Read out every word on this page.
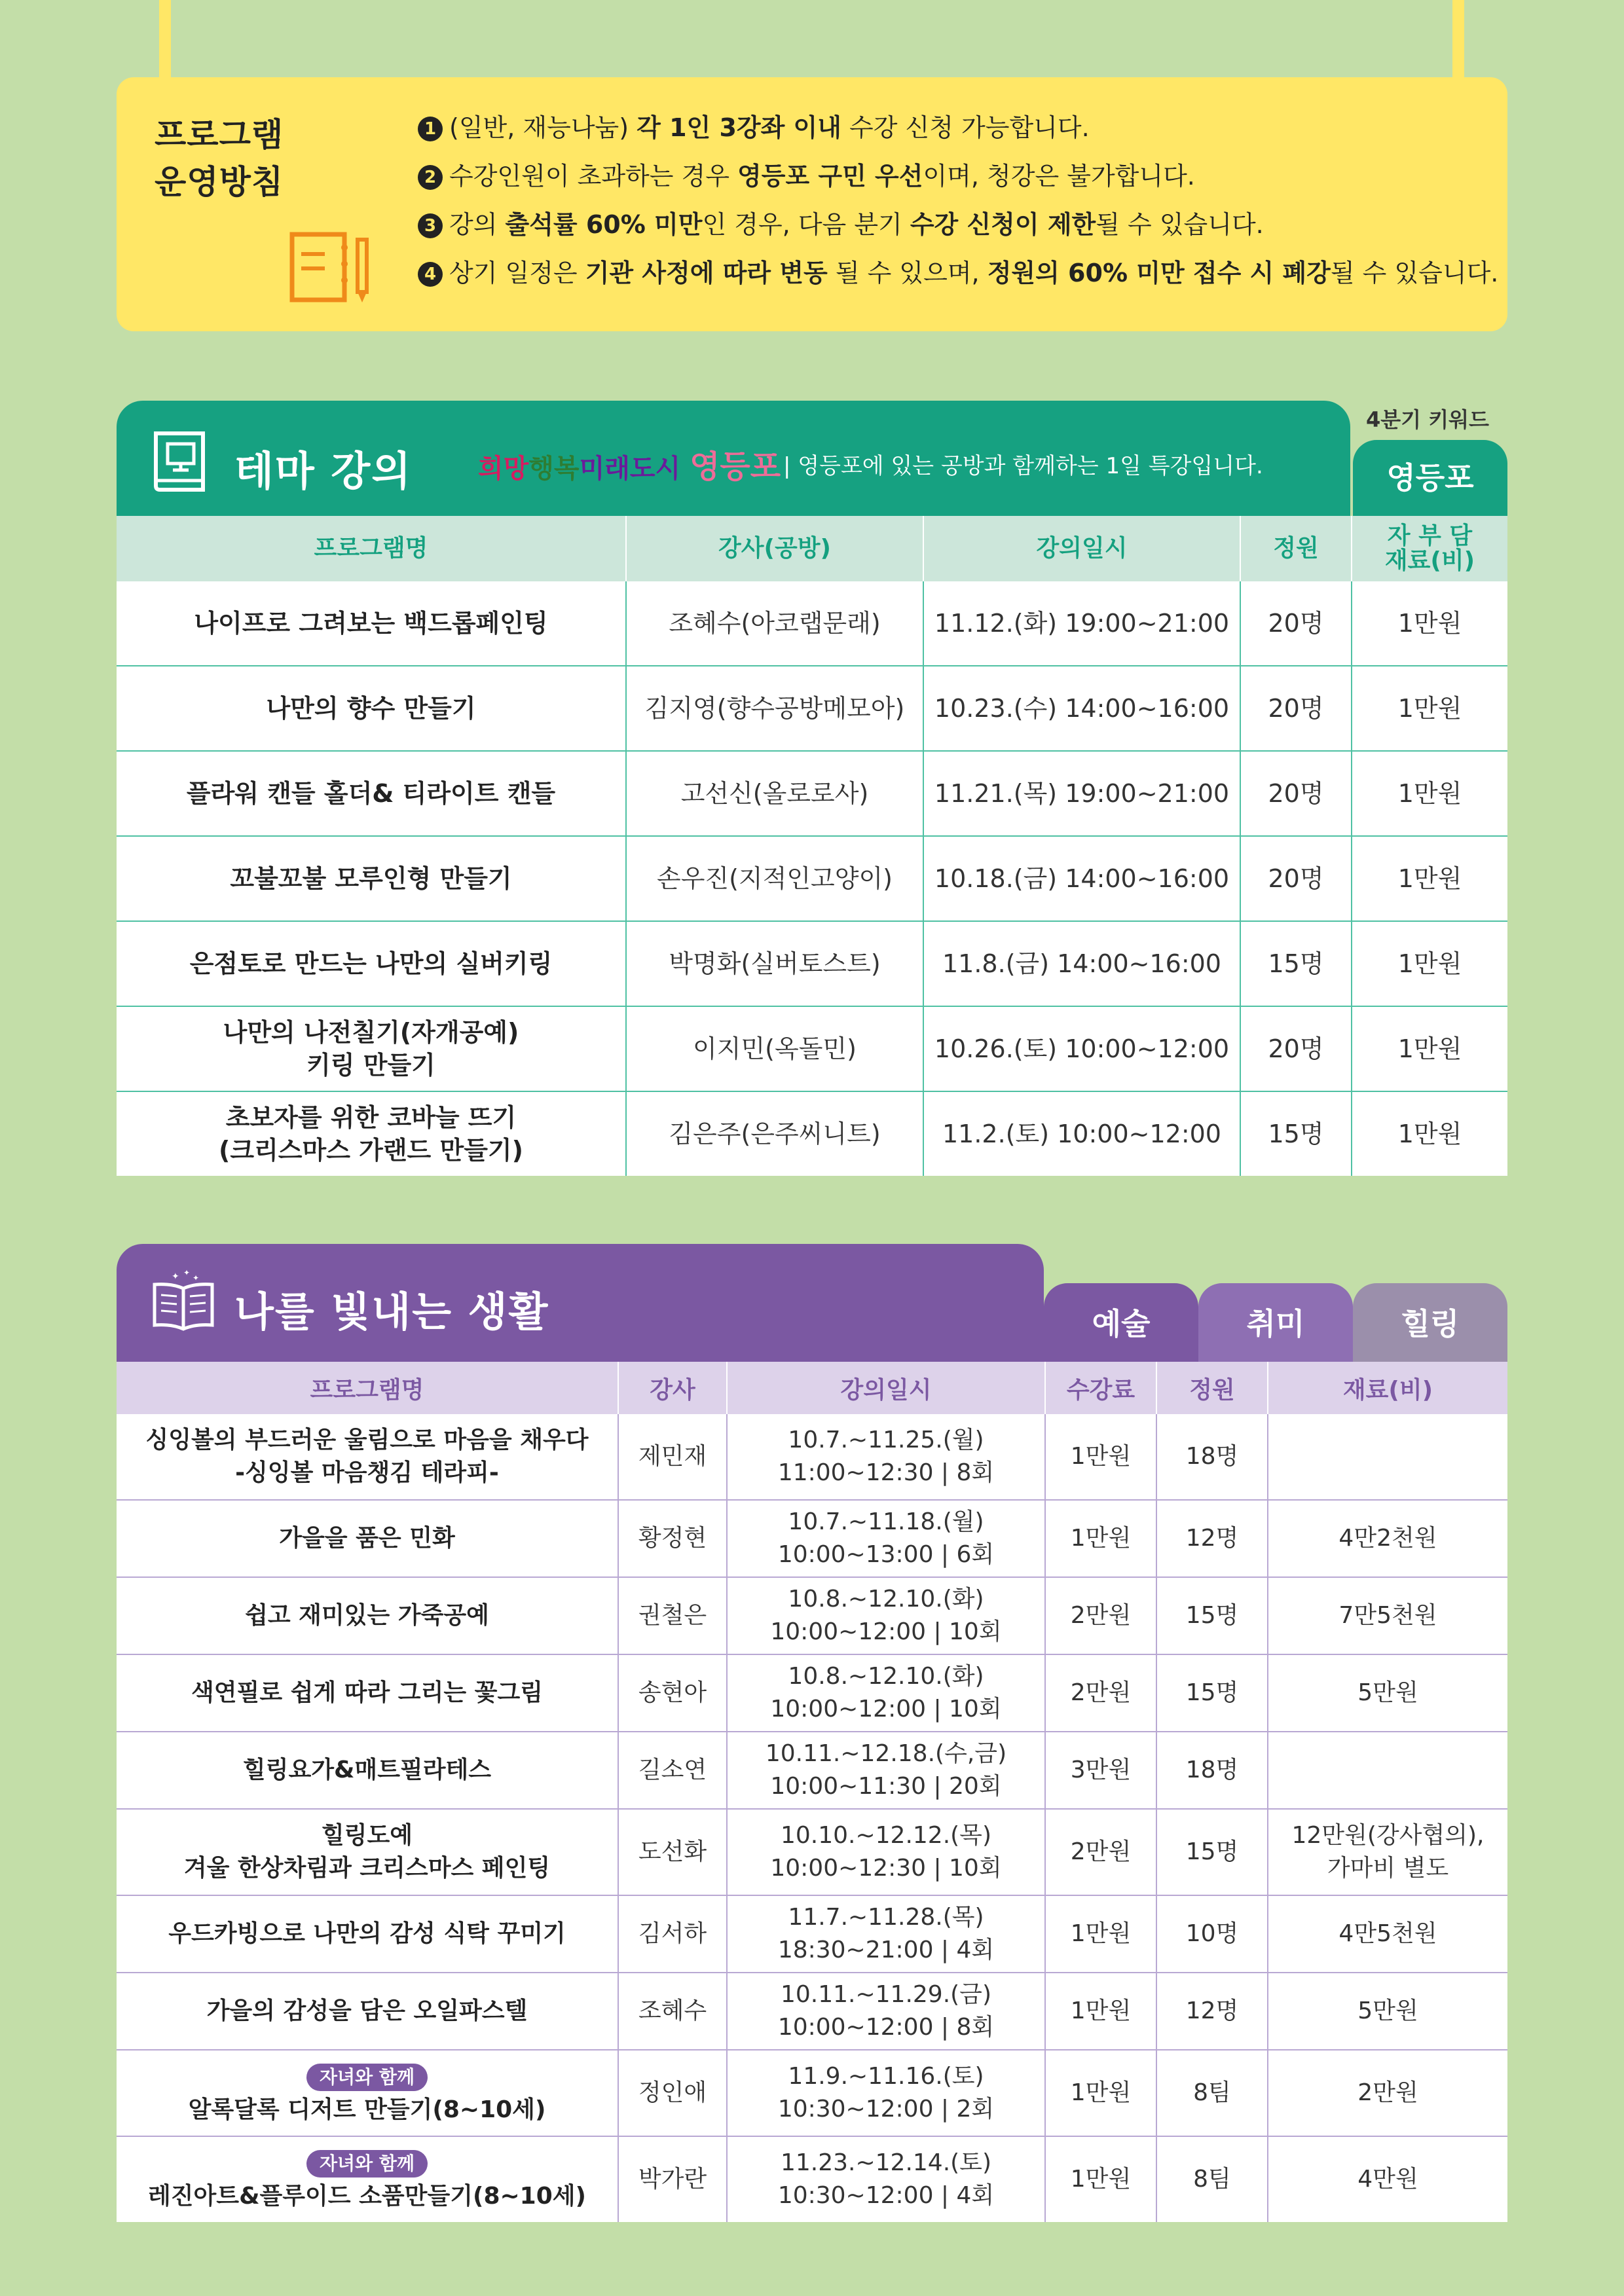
프로그램
운영방침
1 (일반, 재능나눔) 각 1인 3강좌 이내 수강 신청 가능합니다.
2 수강인원이 초과하는 경우 영등포 구민 우선이며, 청강은 불가합니다.
3 강의 출석률 60% 미만인 경우, 다음 분기 수강 신청이 제한될 수 있습니다.
4 상기 일정은 기관 사정에 따라 변동 될 수 있으며, 정원의 60% 미만 접수 시 폐강될 수 있습니다.
테마 강의	희망행복미래도시 영등포 | 영등포에 있는 공방과 함께하는 1일 특강입니다.
4분기 키워드
영등포
프로그램명	강사(공방)	강의일시	정원	자 부 담
재료(비)
나이프로 그려보는 백드롭페인팅	조혜수(아코랩문래)	11.12.(화) 19:00~21:00	20명	1만원
나만의 향수 만들기	김지영(향수공방메모아)	10.23.(수) 14:00~16:00	20명	1만원
플라워 캔들 홀더& 티라이트 캔들	고선신(올로로사)	11.21.(목) 19:00~21:00	20명	1만원
꼬불꼬불 모루인형 만들기	손우진(지적인고양이)	10.18.(금) 14:00~16:00	20명	1만원
은점토로 만드는 나만의 실버키링	박명화(실버토스트)	11.8.(금) 14:00~16:00	15명	1만원
나만의 나전칠기(자개공예)
키링 만들기	이지민(옥돌민)	10.26.(토) 10:00~12:00	20명	1만원
초보자를 위한 코바늘 뜨기
(크리스마스 가랜드 만들기)	김은주(은주씨니트)	11.2.(토) 10:00~12:00	15명	1만원
✦ ✦
✦
나를 빛내는 생활	예술	취미	힐링
프로그램명	강사	강의일시	수강료	정원	재료(비)
싱잉볼의 부드러운 울림으로 마음을 채우다
-싱잉볼 마음챙김 테라피-	제민재	10.7.~11.25.(월)
11:00~12:30 | 8회	1만원	18명	
가을을 품은 민화	황정현	10.7.~11.18.(월)
10:00~13:00 | 6회	1만원	12명	4만2천원
쉽고 재미있는 가죽공예	권철은	10.8.~12.10.(화)
10:00~12:00 | 10회	2만원	15명	7만5천원
색연필로 쉽게 따라 그리는 꽃그림	송현아	10.8.~12.10.(화)
10:00~12:00 | 10회	2만원	15명	5만원
힐링요가&매트필라테스	길소연	10.11.~12.18.(수,금)
10:00~11:30 | 20회	3만원	18명	
힐링도예
겨울 한상차림과 크리스마스 페인팅	도선화	10.10.~12.12.(목)
10:00~12:30 | 10회	2만원	15명	12만원(강사협의),
가마비 별도
우드카빙으로 나만의 감성 식탁 꾸미기	김서하	11.7.~11.28.(목)
18:30~21:00 | 4회	1만원	10명	4만5천원
가을의 감성을 담은 오일파스텔	조혜수	10.11.~11.29.(금)
10:00~12:00 | 8회	1만원	12명	5만원
자녀와 함께
알록달록 디저트 만들기(8~10세)	정인애	11.9.~11.16.(토)
10:30~12:00 | 2회	1만원	8팀	2만원
자녀와 함께
레진아트&플루이드 소품만들기(8~10세)	박가란	11.23.~12.14.(토)
10:30~12:00 | 4회	1만원	8팀	4만원
